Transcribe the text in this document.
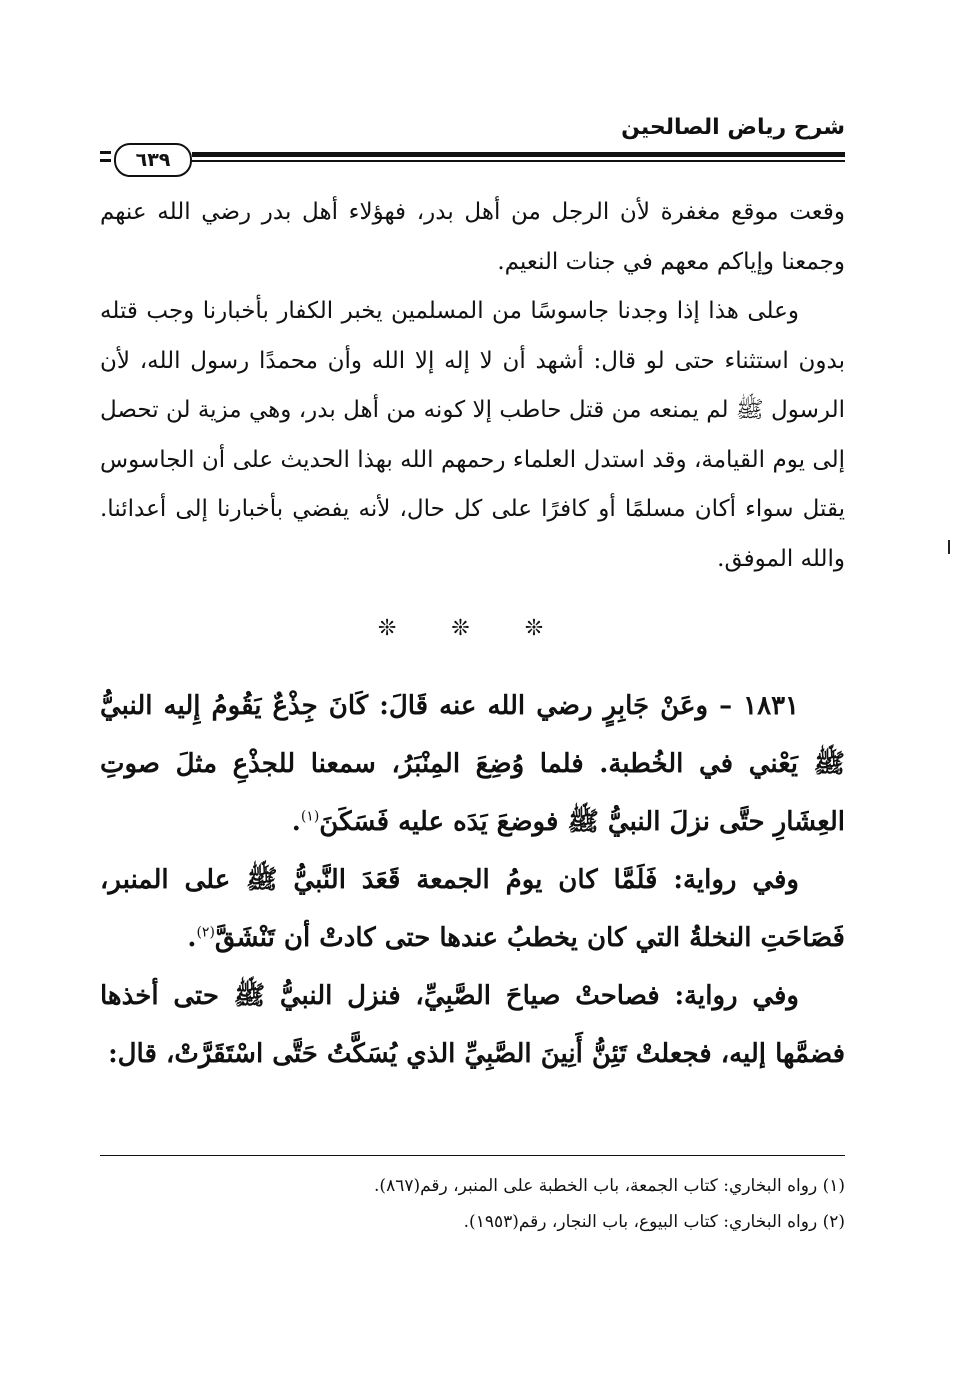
شرح رياض الصالحين
٦٣٩

وقعت موقع مغفرة لأن الرجل من أهل بدر، فهؤلاء أهل بدر رضي الله عنهم وجمعنا وإياكم معهم في جنات النعيم.

وعلى هذا إذا وجدنا جاسوسًا من المسلمين يخبر الكفار بأخبارنا وجب قتله بدون استثناء حتى لو قال: أشهد أن لا إله إلا الله وأن محمدًا رسول الله، لأن الرسول ﷺ لم يمنعه من قتل حاطب إلا كونه من أهل بدر، وهي مزية لن تحصل إلى يوم القيامة، وقد استدل العلماء رحمهم الله بهذا الحديث على أن الجاسوس يقتل سواء أكان مسلمًا أو كافرًا على كل حال، لأنه يفضي بأخبارنا إلى أعدائنا. والله الموفق.

❊ ❊ ❊

١٨٣١ – وعَنْ جَابِرٍ رضي الله عنه قَالَ: كَانَ جِذْعٌ يَقُومُ إِليه النبيُّ ﷺ يَعْني في الخُطبة. فلما وُضِعَ المِنْبَرُ، سمعنا للجذْعِ مثلَ صوتِ العِشَارِ حتَّى نزلَ النبيُّ ﷺ فوضعَ يَدَه عليه فَسَكَنَ$^{(١)}$.

وفي رواية: فَلَمَّا كان يومُ الجمعة قَعَدَ النَّبيُّ ﷺ على المنبر، فَصَاحَتِ النخلةُ التي كان يخطبُ عندها حتى كادتْ أن تَنْشَقَّ$^{(٢)}$.

وفي رواية: فصاحتْ صياحَ الصَّبِيِّ، فنزل النبيُّ ﷺ حتى أخذها فضمَّها إليه، فجعلتْ تَئِنُّ أَنِينَ الصَّبِيِّ الذي يُسَكَّتُ حَتَّى اسْتَقَرَّتْ، قال:

(١) رواه البخاري: كتاب الجمعة، باب الخطبة على المنبر، رقم(٨٦٧).

(٢) رواه البخاري: كتاب البيوع، باب النجار، رقم(١٩٥٣).
